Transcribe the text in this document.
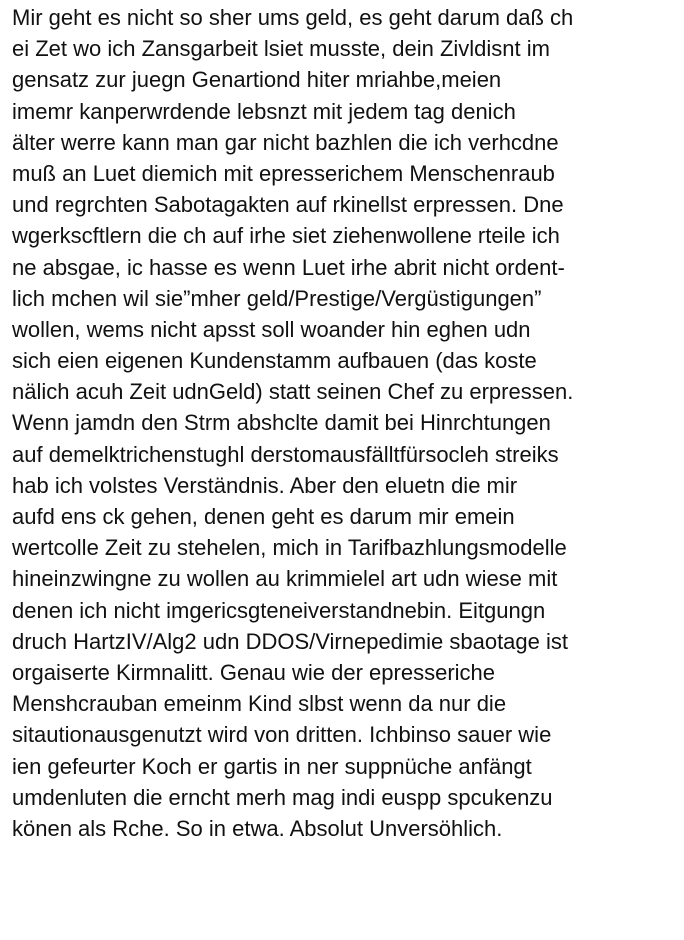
Mir geht es nicht so sher ums geld, es geht darum daß ch
ei Zet wo ich Zansgarbeit lsiet musste, dein Zivldisnt im
gensatz zur juegn Genartiond hiter mriahbe,meien
imemr kanperwrdende lebsnzt mit jedem tag denich
älter werre kann man gar nicht bazhlen die ich verhcdne
muß an Luet diemich mit epresserichem Menschenraub
und regrchten Sabotagakten auf rkinellst erpressen. Dne
wgerkscftlern die ch auf irhe siet ziehenwollene rteile ich
ne absgae, ic hasse es wenn Luet irhe abrit nicht ordent-
lich mchen wil sie”mher geld/Prestige/Vergüstigungen”
wollen, wems nicht apsst soll woander hin eghen udn
sich eien eigenen Kundenstamm aufbauen (das koste
nälich acuh Zeit udnGeld) statt seinen Chef zu erpressen.
Wenn jamdn den Strm abshclte damit bei Hinrchtungen
auf demelktrichenstughl derstomausfälltfürsocleh streiks
hab ich volstes Verständnis. Aber den eluetn die mir
aufd ens ck gehen, denen geht es darum mir emein
wertcolle Zeit zu stehelen, mich in Tarifbazhlungsmodelle
hineinzwingne zu wollen au krimmielel art udn wiese mit
denen ich nicht imgericsgteneiverstandnebin. Eitgungn
druch HartzIV/Alg2 udn DDOS/Virnepedimie sbaotage ist
orgaiserte Kirmnalitt. Genau wie der epresseriche
Menshcrauban emeinm Kind slbst wenn da nur die
sitautionausgenutzt wird von dritten. Ichbinso sauer wie
ien gefeurter Koch er gartis in ner suppnüche anfängt
umdenluten die erncht merh mag indi euspp spcukenzu
könen als Rche. So in etwa. Absolut Unversöhlich.
